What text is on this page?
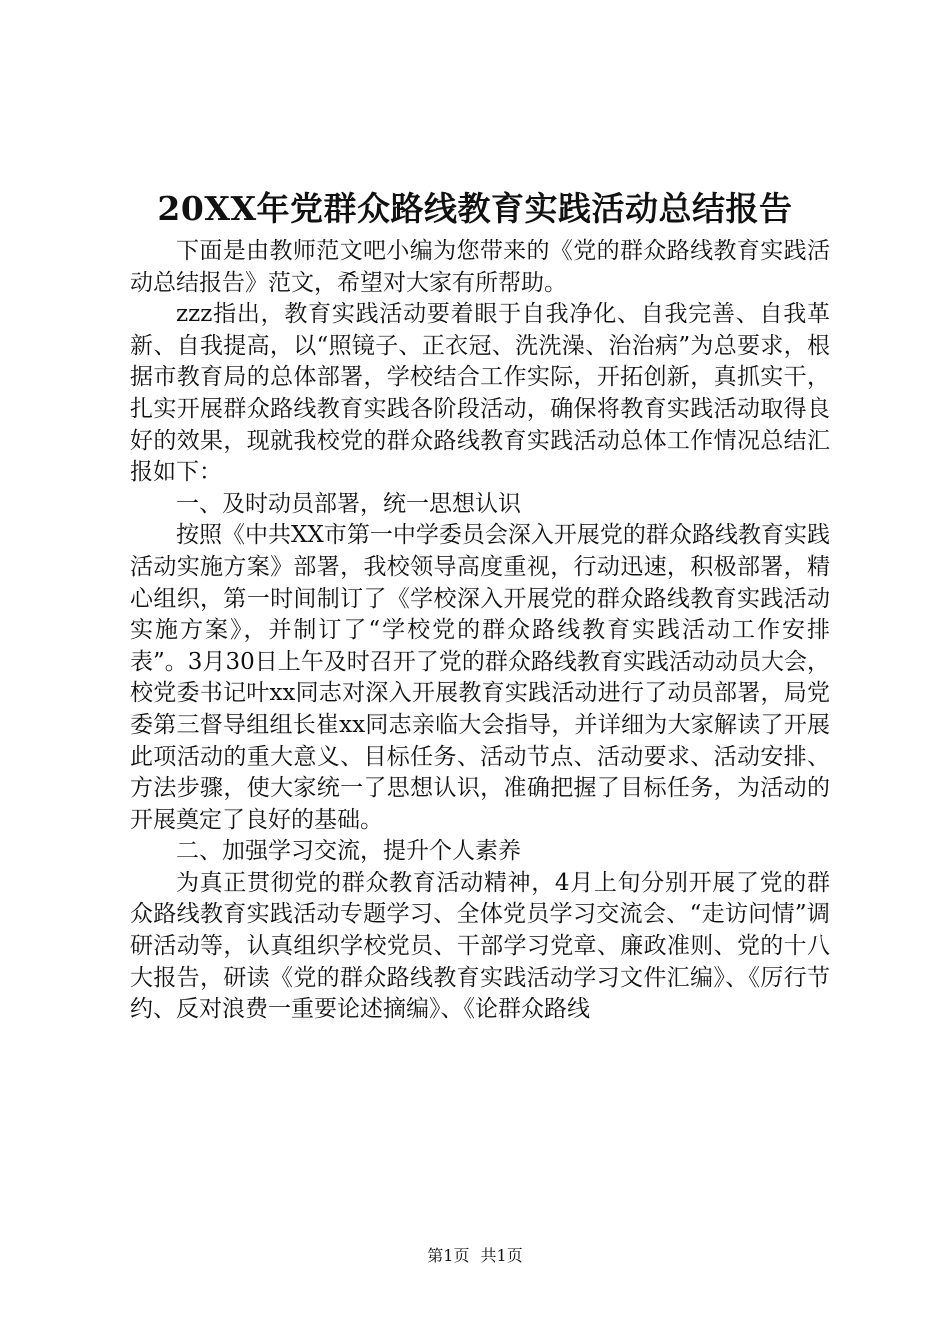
20XX年党群众路线教育实践活动总结报告

下面是由教师范文吧小编为您带来的《党的群众路线教育实践活动总结报告》范文，希望对大家有所帮助。

zzz指出，教育实践活动要着眼于自我净化、自我完善、自我革新、自我提高，以“照镜子、正衣冠、洗洗澡、治治病”为总要求，根据市教育局的总体部署，学校结合工作实际，开拓创新，真抓实干，扎实开展群众路线教育实践各阶段活动，确保将教育实践活动取得良好的效果，现就我校党的群众路线教育实践活动总体工作情况总结汇报如下：

一、及时动员部署，统一思想认识

按照《中共XX市第一中学委员会深入开展党的群众路线教育实践活动实施方案》部署，我校领导高度重视，行动迅速，积极部署，精心组织，第一时间制订了《学校深入开展党的群众路线教育实践活动实施方案》，并制订了“学校党的群众路线教育实践活动工作安排表”。3月30日上午及时召开了党的群众路线教育实践活动动员大会，校党委书记叶xx同志对深入开展教育实践活动进行了动员部署，局党委第三督导组组长崔xx同志亲临大会指导，并详细为大家解读了开展此项活动的重大意义、目标任务、活动节点、活动要求、活动安排、方法步骤，使大家统一了思想认识，准确把握了目标任务，为活动的开展奠定了良好的基础。

二、加强学习交流，提升个人素养

为真正贯彻党的群众教育活动精神，4月上旬分别开展了党的群众路线教育实践活动专题学习、全体党员学习交流会、“走访问情”调研活动等，认真组织学校党员、干部学习党章、廉政准则、党的十八大报告，研读《党的群众路线教育实践活动学习文件汇编》、《厉行节约、反对浪费一重要论述摘编》、《论群众路线

第1页 共1页
